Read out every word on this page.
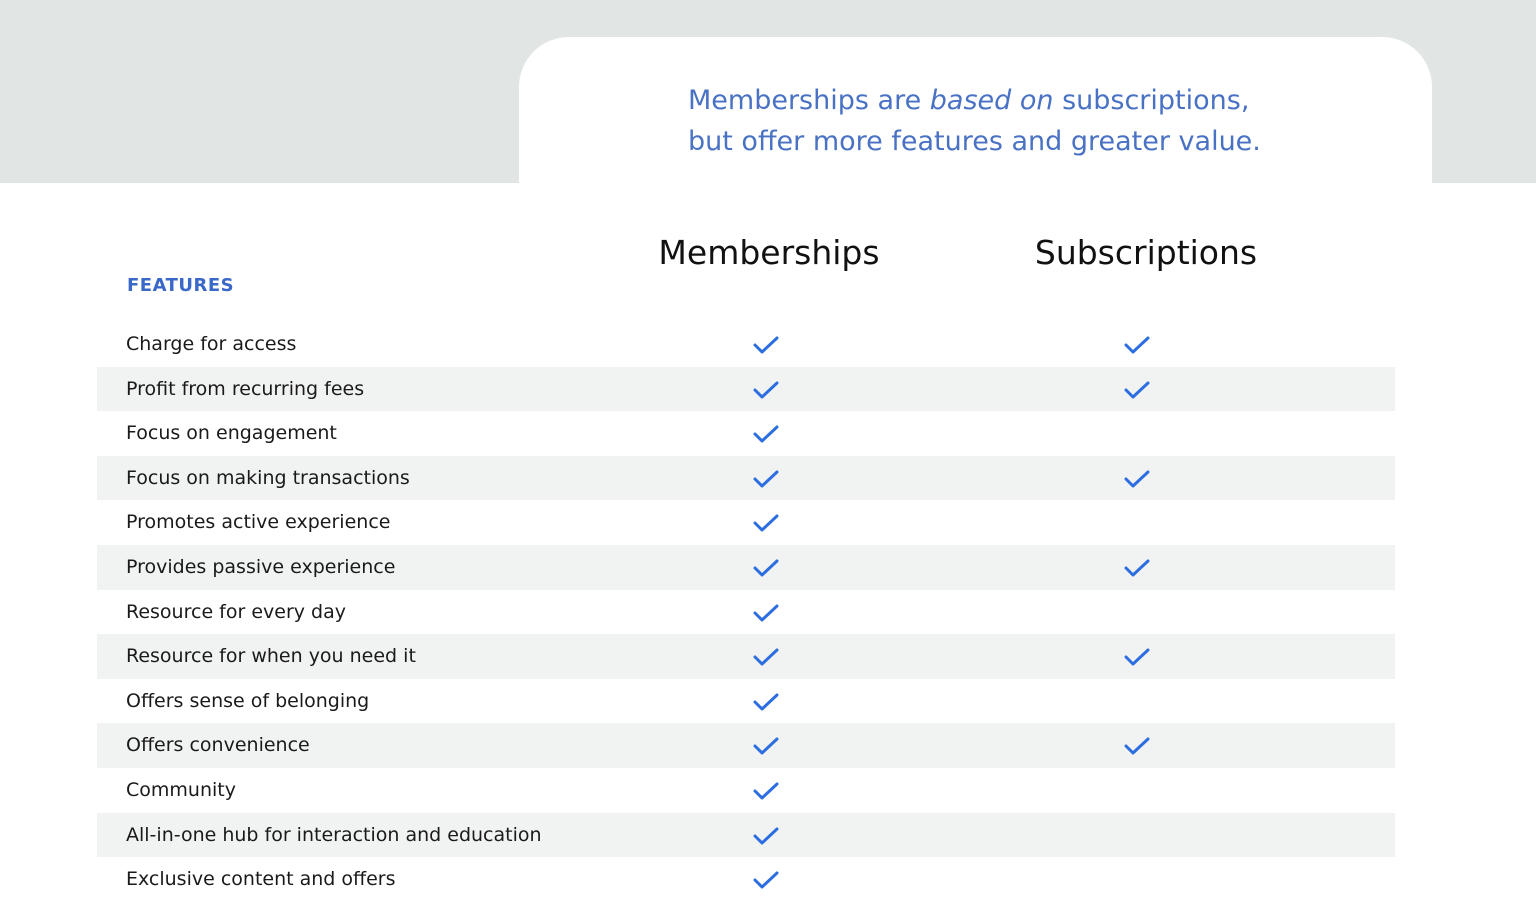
Memberships are based on subscriptions,
but offer more features and greater value.
Memberships	Subscriptions
FEATURES
Charge for access
Profit from recurring fees
Focus on engagement
Focus on making transactions
Promotes active experience
Provides passive experience
Resource for every day
Resource for when you need it
Offers sense of belonging
Offers convenience
Community
All-in-one hub for interaction and education
Exclusive content and offers
